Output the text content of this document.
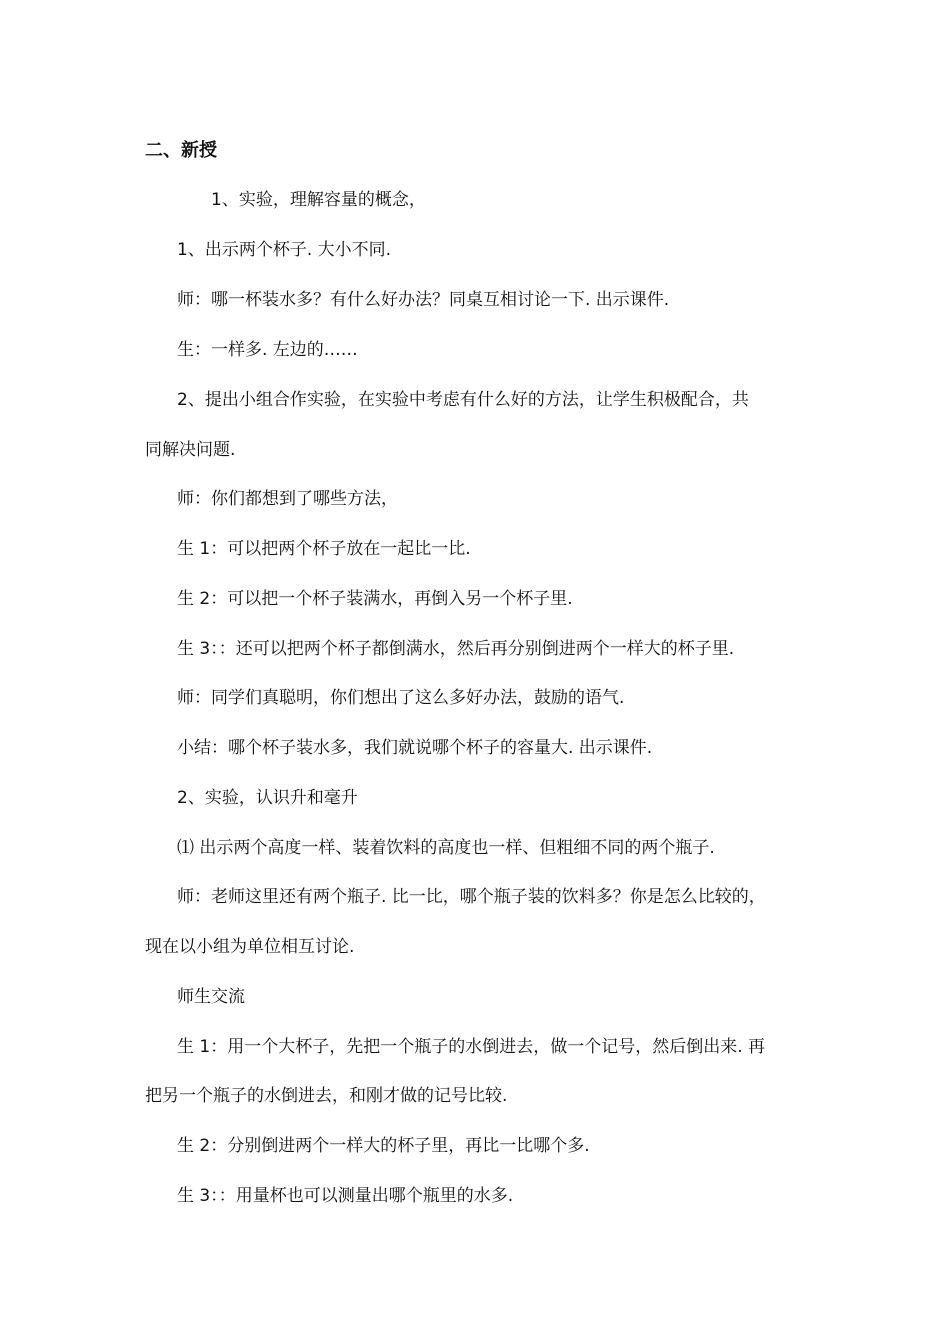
二、新授
1、实验，理解容量的概念，
1、出示两个杯子. 大小不同.
师：哪一杯装水多？有什么好办法？同桌互相讨论一下. 出示课件.
生：一样多. 左边的……
2、提出小组合作实验，在实验中考虑有什么好的方法，让学生积极配合，共
同解决问题.
师：你们都想到了哪些方法，
生 1：可以把两个杯子放在一起比一比.
生 2：可以把一个杯子装满水，再倒入另一个杯子里.
生 3：：还可以把两个杯子都倒满水，然后再分别倒进两个一样大的杯子里.
师：同学们真聪明，你们想出了这么多好办法，鼓励的语气.
小结：哪个杯子装水多，我们就说哪个杯子的容量大. 出示课件.
2、实验，认识升和毫升
⑴ 出示两个高度一样、装着饮料的高度也一样、但粗细不同的两个瓶子.
师：老师这里还有两个瓶子. 比一比，哪个瓶子装的饮料多？你是怎么比较的，
现在以小组为单位相互讨论.
师生交流
生 1：用一个大杯子，先把一个瓶子的水倒进去，做一个记号，然后倒出来. 再
把另一个瓶子的水倒进去，和刚才做的记号比较.
生 2：分别倒进两个一样大的杯子里，再比一比哪个多.
生 3：：用量杯也可以测量出哪个瓶里的水多.
